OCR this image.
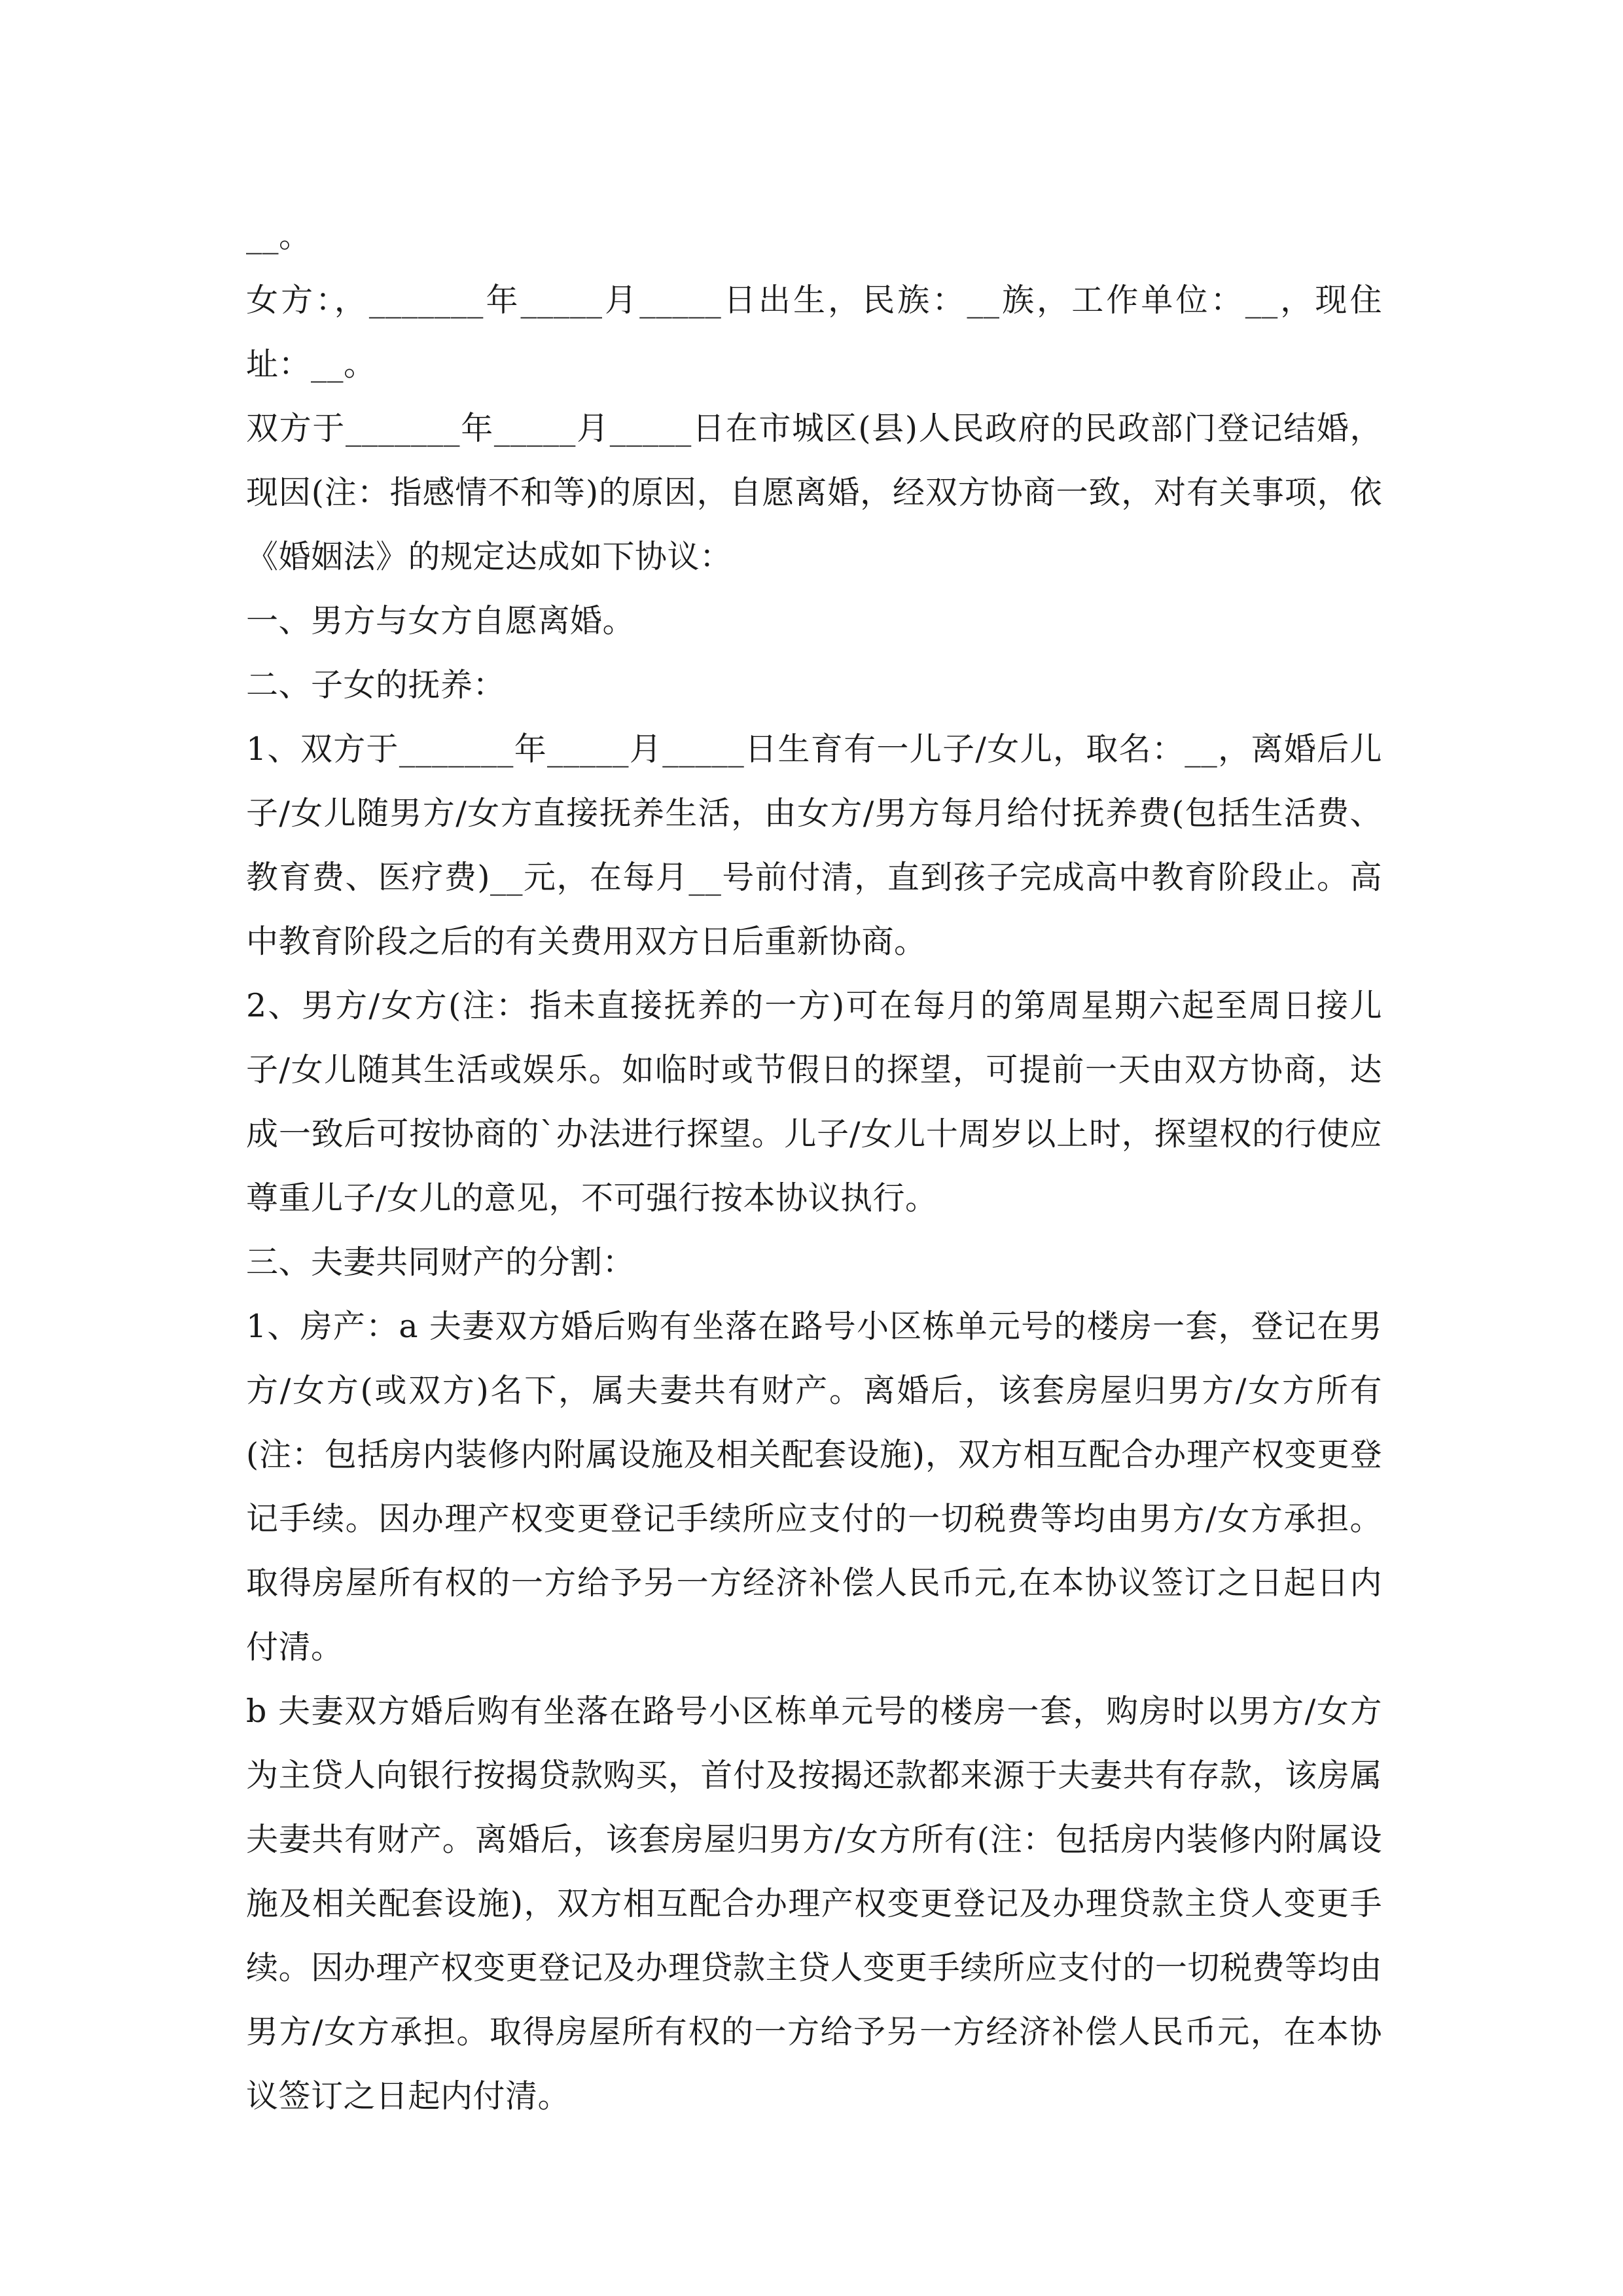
__。

女方：，_______年_____月_____日出生，民族：__族，工作单位：__，现住址：__。

双方于_______年_____月_____日在市城区(县)人民政府的民政部门登记结婚，现因(注：指感情不和等)的原因，自愿离婚，经双方协商一致，对有关事项，依《婚姻法》的规定达成如下协议：

一、男方与女方自愿离婚。

二、子女的抚养：

1、双方于_______年_____月_____日生育有一儿子/女儿，取名：__，离婚后儿子/女儿随男方/女方直接抚养生活，由女方/男方每月给付抚养费(包括生活费、教育费、医疗费)__元，在每月__号前付清，直到孩子完成高中教育阶段止。高中教育阶段之后的有关费用双方日后重新协商。

2、男方/女方(注：指未直接抚养的一方)可在每月的第周星期六起至周日接儿子/女儿随其生活或娱乐。如临时或节假日的探望，可提前一天由双方协商，达成一致后可按协商的`办法进行探望。儿子/女儿十周岁以上时，探望权的行使应尊重儿子/女儿的意见，不可强行按本协议执行。

三、夫妻共同财产的分割：

1、房产：a 夫妻双方婚后购有坐落在路号小区栋单元号的楼房一套，登记在男方/女方(或双方)名下，属夫妻共有财产。离婚后，该套房屋归男方/女方所有(注：包括房内装修内附属设施及相关配套设施)，双方相互配合办理产权变更登记手续。因办理产权变更登记手续所应支付的一切税费等均由男方/女方承担。取得房屋所有权的一方给予另一方经济补偿人民币元,在本协议签订之日起日内付清。

b 夫妻双方婚后购有坐落在路号小区栋单元号的楼房一套，购房时以男方/女方为主贷人向银行按揭贷款购买，首付及按揭还款都来源于夫妻共有存款，该房属夫妻共有财产。离婚后，该套房屋归男方/女方所有(注：包括房内装修内附属设施及相关配套设施)，双方相互配合办理产权变更登记及办理贷款主贷人变更手续。因办理产权变更登记及办理贷款主贷人变更手续所应支付的一切税费等均由男方/女方承担。取得房屋所有权的一方给予另一方经济补偿人民币元，在本协议签订之日起内付清。
